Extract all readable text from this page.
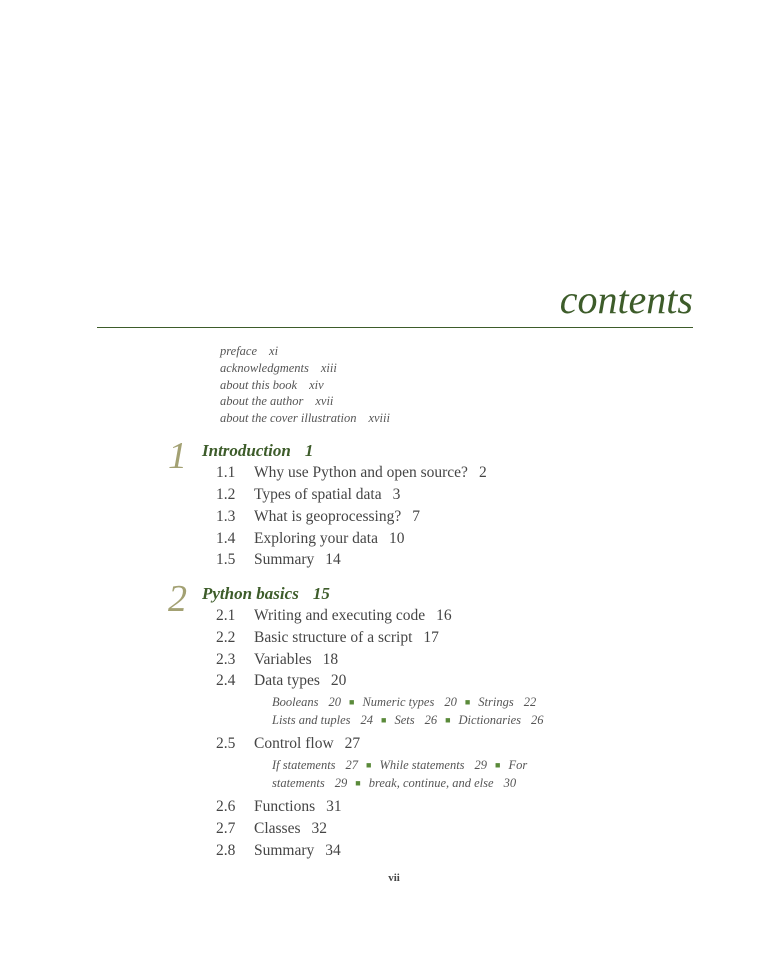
contents
preface xi
acknowledgments xiii
about this book xiv
about the author xvii
about the cover illustration xviii
1 Introduction 1
1.1 Why use Python and open source? 2
1.2 Types of spatial data 3
1.3 What is geoprocessing? 7
1.4 Exploring your data 10
1.5 Summary 14
2 Python basics 15
2.1 Writing and executing code 16
2.2 Basic structure of a script 17
2.3 Variables 18
2.4 Data types 20
Booleans 20 ■ Numeric types 20 ■ Strings 22
Lists and tuples 24 ■ Sets 26 ■ Dictionaries 26
2.5 Control flow 27
If statements 27 ■ While statements 29 ■ For
statements 29 ■ break, continue, and else 30
2.6 Functions 31
2.7 Classes 32
2.8 Summary 34
vii
